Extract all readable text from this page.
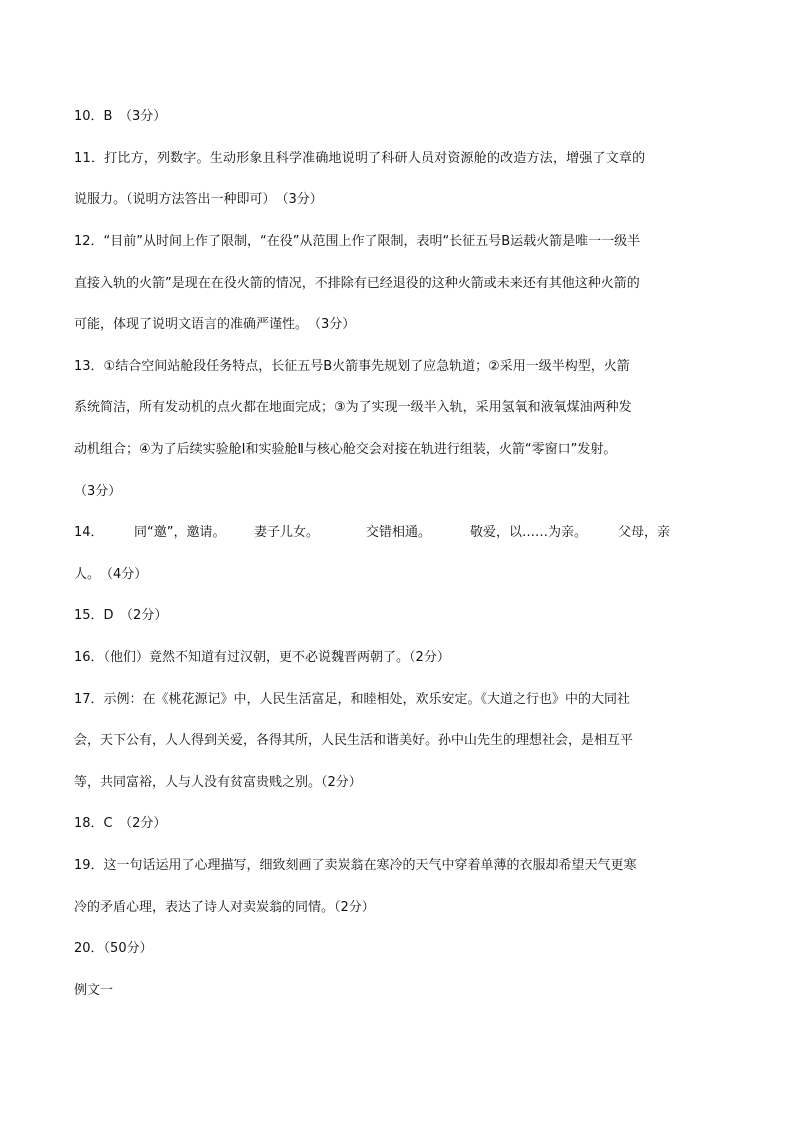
10．B　（3分）
11．打比方，列数字。生动形象且科学准确地说明了科研人员对资源舱的改造方法，增强了文章的
说服力。（说明方法答出一种即可）　（3分）
12．“目前”从时间上作了限制，“在役”从范围上作了限制，表明“长征五号B运载火箭是唯一一级半
直接入轨的火箭”是现在在役火箭的情况，不排除有已经退役的这种火箭或未来还有其他这种火箭的
可能，体现了说明文语言的准确严谨性。　（3分）
13．①结合空间站舱段任务特点，长征五号B火箭事先规划了应急轨道；②采用一级半构型，火箭
系统简洁，所有发动机的点火都在地面完成；③为了实现一级半入轨，采用氢氧和液氧煤油两种发
动机组合；④为了后续实验舱Ⅰ和实验舱Ⅱ与核心舱交会对接在轨进行组装，火箭“零窗口”发射。
（3分）
14． 同“邀”，邀请。 妻子儿女。	交错相通。	敬爱，以……为亲。 父母，亲
人。　（4分）
15．D　（2分）
16．（他们）竟然不知道有过汉朝，更不必说魏晋两朝了。（2分）
17．示例：在《桃花源记》中，人民生活富足，和睦相处，欢乐安定。《大道之行也》中的大同社
会，天下公有，人人得到关爱，各得其所，人民生活和谐美好。孙中山先生的理想社会，是相互平
等，共同富裕，人与人没有贫富贵贱之别。（2分）
18．C　（2分）
19．这一句话运用了心理描写，细致刻画了卖炭翁在寒冷的天气中穿着单薄的衣服却希望天气更寒
冷的矛盾心理，表达了诗人对卖炭翁的同情。（2分）
20．（50分）
例文一
